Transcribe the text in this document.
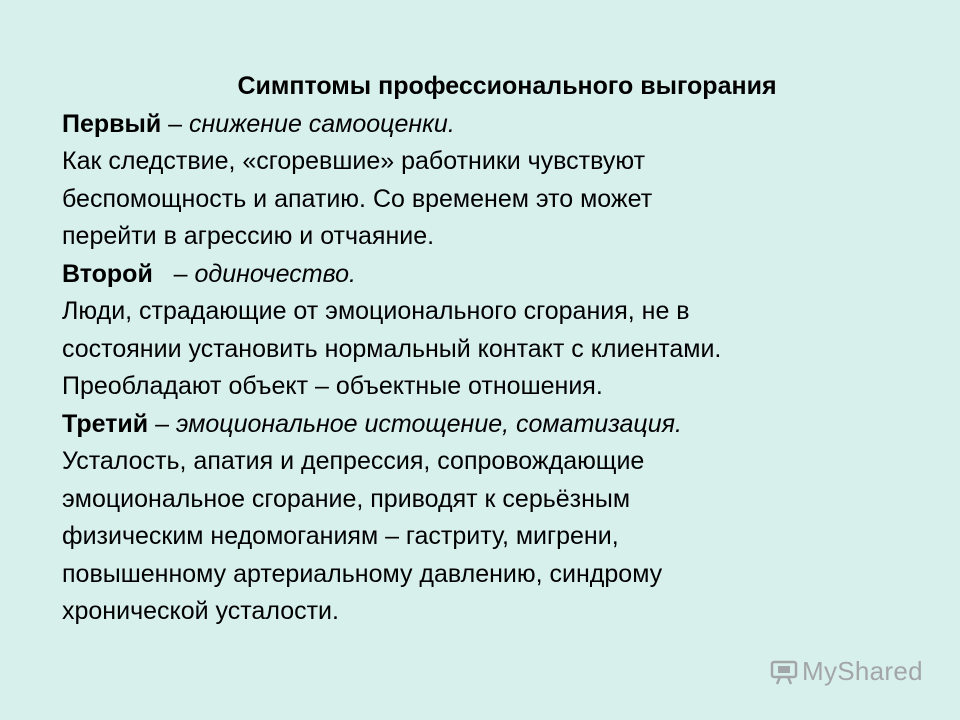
Симптомы профессионального выгорания

Первый – снижение самооценки.

Как следствие, «сгоревшие» работники чувствуют

беспомощность и апатию. Со временем это может

перейти в агрессию и отчаяние.

Второй   – одиночество.

Люди, страдающие от эмоционального сгорания, не в

состоянии установить нормальный контакт с клиентами.

Преобладают объект – объектные отношения.

Третий – эмоциональное истощение, соматизация.

Усталость, апатия и депрессия, сопровождающие

эмоциональное сгорание, приводят к серьёзным

физическим недомоганиям – гастриту, мигрени,

повышенному артериальному давлению, синдрому

хронической усталости.

MyShared
